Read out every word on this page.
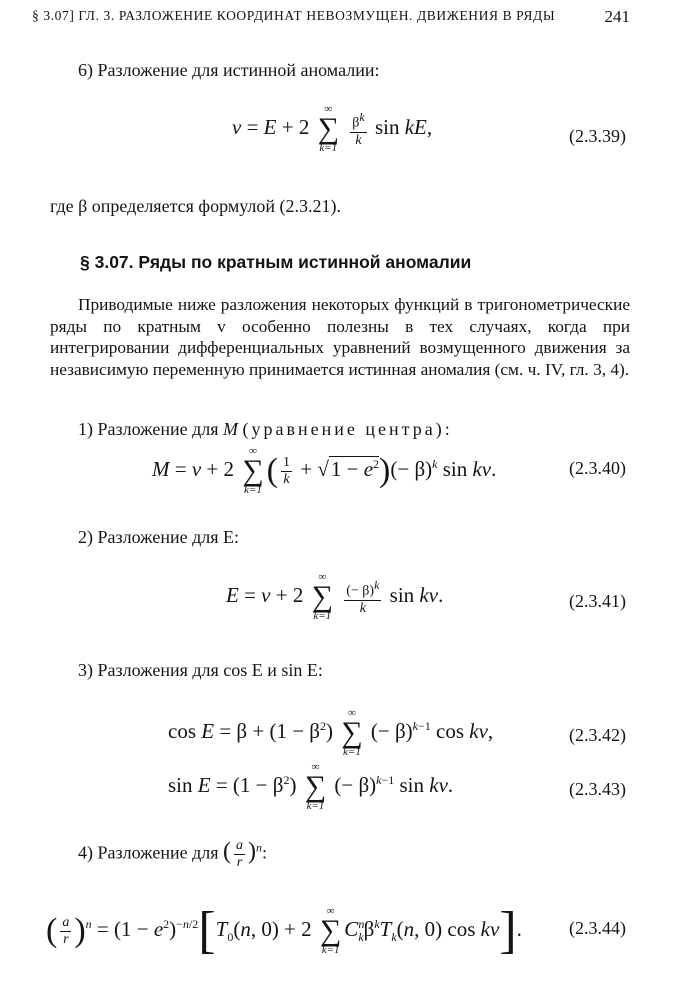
§ 3.07] ГЛ. 3. РАЗЛОЖЕНИЕ КООРДИНАТ НЕВОЗМУЩЕН. ДВИЖЕНИЯ В РЯДЫ	241
6) Разложение для истинной аномалии:
v = E + 2
∞
∑
k=1
$\frac{\beta^k}{k}$ sin kE,	(2.3.39)
где β определяется формулой (2.3.21).
§ 3.07. Ряды по кратным истинной аномалии
Приводимые ниже разложения некоторых функций в тригонометрические ряды по кратным v особенно полезны в тех случаях, когда при интегрировании дифференциальных уравнений возмущенного движения за независимую переменную принимается истинная аномалия (см. ч. IV, гл. 3, 4).
1) Разложение для M (уравнение центра):
M = v + 2
∞
∑
k=1
( $\frac{1}{k} + √1 - e^2)(- \beta)^k$ sin kv.	(2.3.40)
2) Разложение для E:
E = v + 2
∞
∑
k=1
$\frac{(- \beta)^k}{k}$ sin kv.	(2.3.41)
3) Разложения для cos E и sin E:
$\cos E = \beta + (1 - \beta^2)$
∞
∑
k=1
(− β)$^{k-1}$ cos kv,	(2.3.42)
$\sin E = (1 - \beta^2)$
∞
∑
k=1
(− β)$^{k-1}$ sin kv.	(2.3.43)
4) Разложение для ( $\frac{a}{r} )^n$:
( $\frac{a}{r} )^n = (1 - e^2)^{-n/2}[T_0(n$, 0) + 2
∞
∑
k=1
$C^n_k\beta^kT_k(n$, 0) cos kv].	(2.3.44)
